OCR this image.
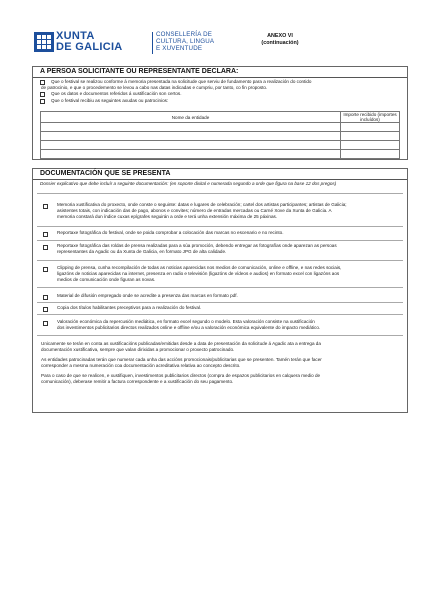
XUNTA
DE GALICIA
CONSELLERÍA DE
CULTURA, LINGUA
E XUVENTUDE
ANEXO VI
(continuación)
A PERSOA SOLICITANTE OU REPRESENTANTE DECLARA:
Que o festival se realizou conforme á memoria presentada na solicitude que serviu de fundamento para a realización do contido
de patrocinio, e que o procedemento se levou a cabo nas datas indicadas e cumpriu, por tanto, co fin proposto.
Que os datos e documentos referidos á xustificación son certos.
Que o festival recibiu as seguintes axudas ou patrocinios:
Nome da entidade	Importe recibido (importes incluídos)

DOCUMENTACIÓN QUE SE PRESENTA
Dossier explicativo que debe incluír a seguinte documentación: (en soporte dixital e numerada segundo a orde que figura na base 12 dos pregos)
Memoria xustificativa do proxecto, onde conste o seguinte: datas e lugares de celebración; cartel dos artistas participantes; artistas de Galicia;
asistentes totais, con indicación das de pago, abonos e convites; número de entradas mercadas ou Carné Xove da Xunta de Galicia. A
memoria constará dun índice cuxas epígrafes seguirán a orde e terá unha extensión máxima de 25 páxinas.
Reportaxe fotográfica do festival, onde se poida comprobar a colocación das marcas no escenario e no recinto.
Reportaxe fotográfica das roldas de prensa realizadas para a súa promoción, debendo entregar as fotografías onde aparezan as persoas
representantes da Agadic ou da Xunta de Galicia, en formato JPG de alta calidade.
Clipping de prensa, cunha recompilación de todas as noticias aparecidas nos medios de comunicación, online e offline, e nas redes sociais,
ligazóns de noticias aparecidas na internet, presenza en radio e televisión (ligazóns de vídeos e audios) en formato excel con ligazóns aos
medios de comunicación onde figuran as novas.
Material de difusión empregado onde se acredite a presenza das marcas en formato pdf.
Copia dos títulos habilitantes preceptivos para a realización do festival.
Valoración económica da repercusión mediática, en formato excel segundo o modelo. Esta valoración consiste na xustificación
dos investimentos publicitarios directos realizados online e offline e/ou a valoración económica equivalente do impacto mediático.
Unicamente se terán en conta as xustificacións publicadas/emitidas desde a data de presentación da solicitude á Agadic ata a entrega da
documentación xustificativa, sempre que valan dirixidas a promocionar o proxecto patrocinado.
As entidades patrocinadas terán que numerar cada unha das accións promocionais/publicitarias que se presenten. Tamén terán que facer
corresponder a mesma numeración coa documentación acreditativa relativa ao concepto descrito.
Para o caso de que se realicen, e xustifiquen, investimentos publicitarios directos (compra de espazos publicitarios en calquera medio de
comunicación), deberase remitir a factura correspondente e a xustificación do seu pagamento.
